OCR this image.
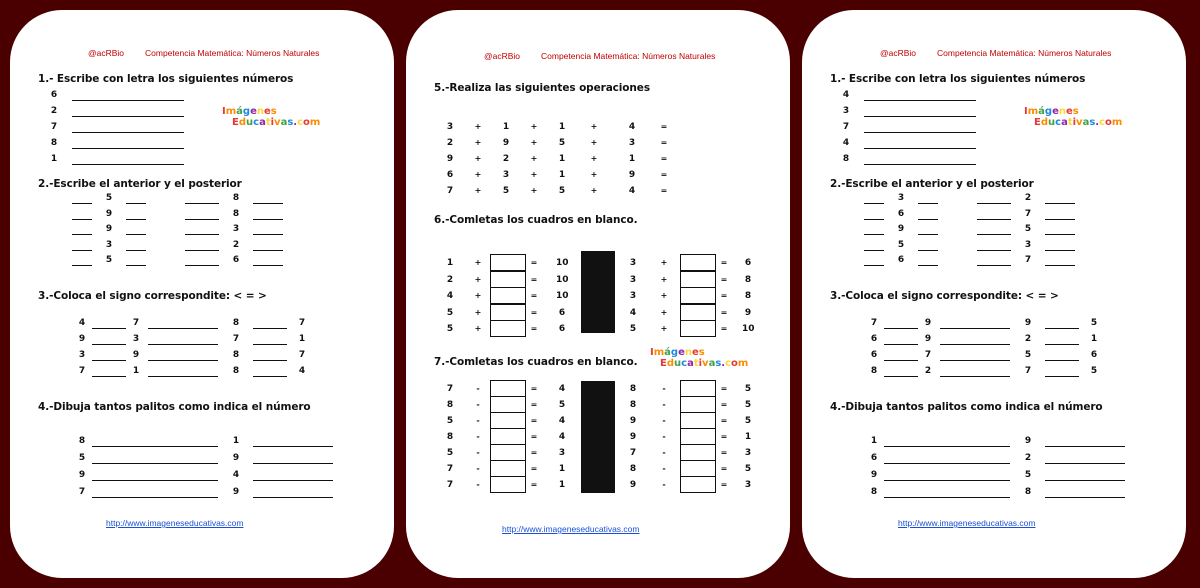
@acRBio Competencia Matemática: Números Naturales
1.- Escribe con letra los siguientes números
6
2
7
8
1
Imágenes
Educativas.com
2.-Escribe el anterior y el posterior
5	8
9	8
9	3
3	2
5	6
3.-Coloca el signo correspondite: < = >
4	7	8	7
9	3	7	1
3	9	8	7
7	1	8	4
4.-Dibuja tantos palitos como indica el número
8	1
5	9
9	4
7	9
http://www.imageneseducativas.com
@acRBio Competencia Matemática: Números Naturales
5.-Realiza las siguientes operaciones
3	+	1	+	1	+	4	=
2	+	9	+	5	+	3	=
9	+	2	+	1	+	1	=
6	+	3	+	1	+	9	=
7	+	5	+	5	+	4	=
6.-Comletas los cuadros en blanco.
1	+	= 10
2	+	= 10
4	+	= 10
5	+	=	6
5	+	=	6
3	+	=	6
3	+	=	8
3	+	=	8
4	+	=	9
5	+	= 10
Imágenes
Educativas.com
7.-Comletas los cuadros en blanco.
7	-	=	4
8	-	=	5
5	-	=	4
8	-	=	4
5	-	=	3
7	-	=	1
7	-	=	1
8	-	=	5
8	-	=	5
9	-	=	5
9	-	=	1
7	-	=	3
8	-	=	5
9	-	=	3
http://www.imageneseducativas.com
@acRBio Competencia Matemática: Números Naturales
1.- Escribe con letra los siguientes números
4
3
7
4
8
Imágenes
Educativas.com
2.-Escribe el anterior y el posterior
3	2
6	7
9	5
5	3
6	7
3.-Coloca el signo correspondite: < = >
7	9	9	5
6	9	2	1
6	7	5	6
8	2	7	5
4.-Dibuja tantos palitos como indica el número
1	9
6	2
9	5
8	8
http://www.imageneseducativas.com
